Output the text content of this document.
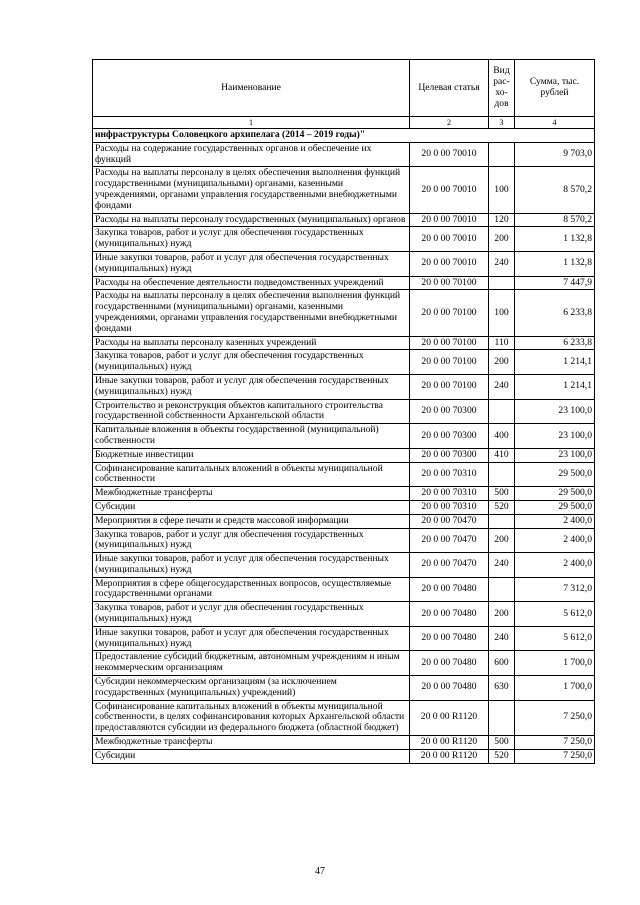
Наименование	Целевая статья	Вид рас-хо-дов	Сумма, тыс. рублей
1	2	3	4
инфраструктуры Соловецкого архипелага (2014 – 2019 годы)"			
Расходы на содержание государственных органов и обеспечение их функций	20 0 00 70010		9 703,0
Расходы на выплаты персоналу в целях обеспечения выполнения функций государственными (муниципальными) органами, казенными учреждениями, органами управления государственными внебюджетными фондами	20 0 00 70010	100	8 570,2
Расходы на выплаты персоналу государственных (муниципальных) органов	20 0 00 70010	120	8 570,2
Закупка товаров, работ и услуг для обеспечения государственных (муниципальных) нужд	20 0 00 70010	200	1 132,8
Иные закупки товаров, работ и услуг для обеспечения государственных (муниципальных) нужд	20 0 00 70010	240	1 132,8
Расходы на обеспечение деятельности подведомственных учреждений	20 0 00 70100		7 447,9
Расходы на выплаты персоналу в целях обеспечения выполнения функций государственными (муниципальными) органами, казенными учреждениями, органами управления государственными внебюджетными фондами	20 0 00 70100	100	6 233,8
Расходы на выплаты персоналу казенных учреждений	20 0 00 70100	110	6 233,8
Закупка товаров, работ и услуг для обеспечения государственных (муниципальных) нужд	20 0 00 70100	200	1 214,1
Иные закупки товаров, работ и услуг для обеспечения государственных (муниципальных) нужд	20 0 00 70100	240	1 214,1
Строительство и реконструкция объектов капитального строительства государственной собственности Архангельской области	20 0 00 70300		23 100,0
Капитальные вложения в объекты государственной (муниципальной) собственности	20 0 00 70300	400	23 100,0
Бюджетные инвестиции	20 0 00 70300	410	23 100,0
Софинансирование капитальных вложений в объекты муниципальной собственности	20 0 00 70310		29 500,0
Межбюджетные трансферты	20 0 00 70310	500	29 500,0
Субсидии	20 0 00 70310	520	29 500,0
Мероприятия в сфере печати и средств массовой информации	20 0 00 70470		2 400,0
Закупка товаров, работ и услуг для обеспечения государственных (муниципальных) нужд	20 0 00 70470	200	2 400,0
Иные закупки товаров, работ и услуг для обеспечения государственных (муниципальных) нужд	20 0 00 70470	240	2 400,0
Мероприятия в сфере общегосударственных вопросов, осуществляемые государственными органами	20 0 00 70480		7 312,0
Закупка товаров, работ и услуг для обеспечения государственных (муниципальных) нужд	20 0 00 70480	200	5 612,0
Иные закупки товаров, работ и услуг для обеспечения государственных (муниципальных) нужд	20 0 00 70480	240	5 612,0
Предоставление субсидий бюджетным, автономным учреждениям и иным некоммерческим организациям	20 0 00 70480	600	1 700,0
Субсидии некоммерческим организациям (за исключением государственных (муниципальных) учреждений)	20 0 00 70480	630	1 700,0
Софинансирование капитальных вложений в объекты муниципальной собственности, в целях софинансирования которых Архангельской области предоставляются субсидии из федерального бюджета (областной бюджет)	20 0 00 R1120		7 250,0
Межбюджетные трансферты	20 0 00 R1120	500	7 250,0
Субсидии	20 0 00 R1120	520	7 250,0
47
